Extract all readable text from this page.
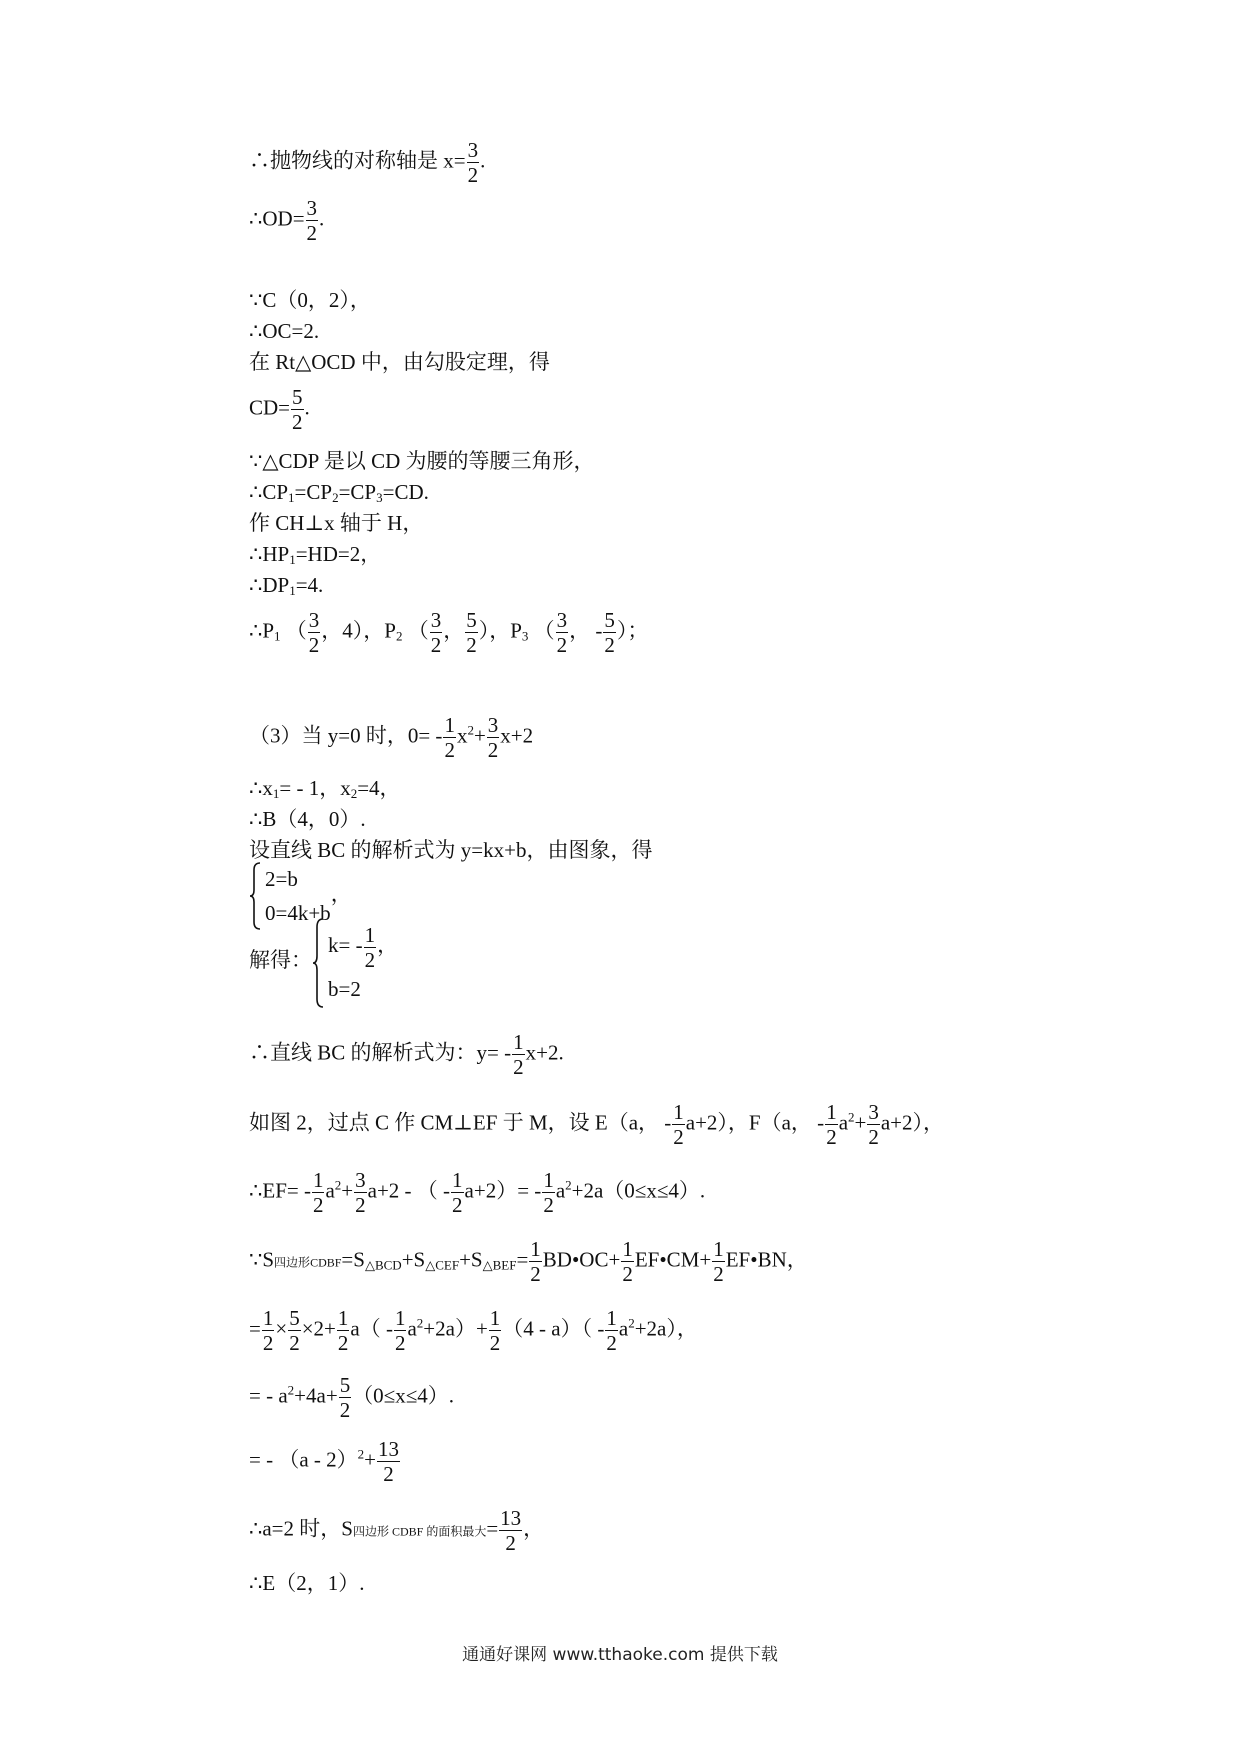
∴抛物线的对称轴是 $x= \frac{3}{2}$ .
∴OD= $\frac{3}{2}$ .
∵C（0，2），
∴OC=2.
在 Rt△OCD 中，由勾股定理，得
$CD= \frac{5}{2}$ .
∵△CDP 是以 CD 为腰的等腰三角形，
$\therefore CP_1=CP_2=CP_3=CD$.
作 CH⊥x 轴于 H，
$\therefore HP_1=HD=2$，
$\therefore DP_1=4$.
$\therefore P_1$ （ $\frac{3}{2}$ ，4），$P_2$ （ $\frac{3}{2}$ ， $\frac{5}{2}$ ），$P_3$ （ $\frac{3}{2}$ ， - $\frac{5}{2}$ ）；
（3）当 y=0 时，$0= - \frac{1}{2} x^2+ \frac{3}{2} x+2$
$\therefore x_1= - 1$，$x_2=4$，
∴B（4，0）.
设直线 BC 的解析式为 y=kx+b，由图象，得
2=b
0=4k+b
，
解得：
$k= - \frac{1}{2}$ ，
b=2
∴直线 BC 的解析式为：$y= - \frac{1}{2} x+2$.
如图 2，过点 C 作 CM⊥EF 于 M，设 E（a， - $\frac{1}{2} a+2$），F（a， - $\frac{1}{2} a^2+ \frac{3}{2} a+2$），
∴EF= - $\frac{1}{2} a^2+ \frac{3}{2} a+2$ - （ - $\frac{1}{2} a+2)= - \frac{1}{2} a^2+2a(0\le x\le 4)$.
∵S四边形$CDBF=S_{\triangle BCD}+S_{\triangle CEF}+S_{\triangle BEF}= \frac{1}{2}$ BD•OC+ $\frac{1}{2}$ EF•CM+ $\frac{1}{2}$ EF•BN，
= $\frac{1}{2} \times \frac{5}{2} \times 2+ \frac{1}{2} a( - \frac{1}{2} a^2+2a)+ \frac{1}{2} (4 - a)( - \frac{1}{2} a^2+2a)$，
= - $a^2+4a+ \frac{5}{2} (0\le x\le 4)$.
= - $(a - 2)^2+ \frac{13}{2}$
∴a=2 时，S四边形 CDBF 的面积最大= $\frac{13}{2}$ ，
∴E（2，1）.
通通好课网 www.tthaoke.com 提供下载
